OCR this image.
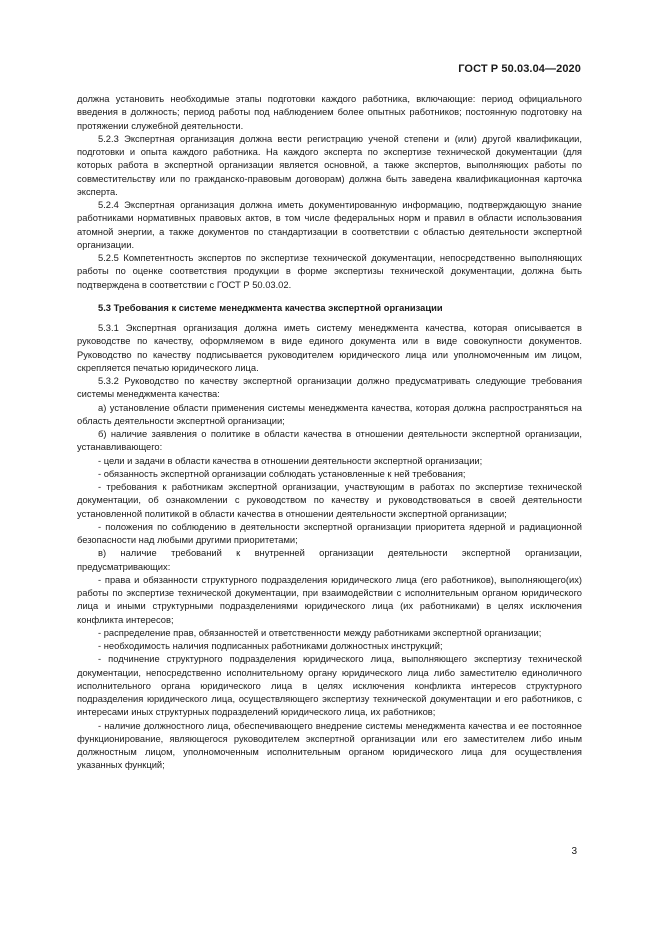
ГОСТ Р 50.03.04—2020

должна установить необходимые этапы подготовки каждого работника, включающие: период официального введения в должность; период работы под наблюдением более опытных работников; постоянную подготовку на протяжении служебной деятельности.

5.2.3 Экспертная организация должна вести регистрацию ученой степени и (или) другой квалификации, подготовки и опыта каждого работника. На каждого эксперта по экспертизе технической документации (для которых работа в экспертной организации является основной, а также экспертов, выполняющих работы по совместительству или по гражданско-правовым договорам) должна быть заведена квалификационная карточка эксперта.

5.2.4 Экспертная организация должна иметь документированную информацию, подтверждающую знание работниками нормативных правовых актов, в том числе федеральных норм и правил в области использования атомной энергии, а также документов по стандартизации в соответствии с областью деятельности экспертной организации.

5.2.5 Компетентность экспертов по экспертизе технической документации, непосредственно выполняющих работы по оценке соответствия продукции в форме экспертизы технической документации, должна быть подтверждена в соответствии с ГОСТ Р 50.03.02.

5.3 Требования к системе менеджмента качества экспертной организации

5.3.1 Экспертная организация должна иметь систему менеджмента качества, которая описывается в руководстве по качеству, оформляемом в виде единого документа или в виде совокупности документов. Руководство по качеству подписывается руководителем юридического лица или уполномоченным им лицом, скрепляется печатью юридического лица.

5.3.2 Руководство по качеству экспертной организации должно предусматривать следующие требования системы менеджмента качества:

а) установление области применения системы менеджмента качества, которая должна распространяться на область деятельности экспертной организации;

б) наличие заявления о политике в области качества в отношении деятельности экспертной организации, устанавливающего:

- цели и задачи в области качества в отношении деятельности экспертной организации;

- обязанность экспертной организации соблюдать установленные к ней требования;

- требования к работникам экспертной организации, участвующим в работах по экспертизе технической документации, об ознакомлении с руководством по качеству и руководствоваться в своей деятельности установленной политикой в области качества в отношении деятельности экспертной организации;

- положения по соблюдению в деятельности экспертной организации приоритета ядерной и радиационной безопасности над любыми другими приоритетами;

в) наличие требований к внутренней организации деятельности экспертной организации, предусматривающих:

- права и обязанности структурного подразделения юридического лица (его работников), выполняющего(их) работы по экспертизе технической документации, при взаимодействии с исполнительным органом юридического лица и иными структурными подразделениями юридического лица (их работниками) в целях исключения конфликта интересов;

- распределение прав, обязанностей и ответственности между работниками экспертной организации;

- необходимость наличия подписанных работниками должностных инструкций;

- подчинение структурного подразделения юридического лица, выполняющего экспертизу технической документации, непосредственно исполнительному органу юридического лица либо заместителю единоличного исполнительного органа юридического лица в целях исключения конфликта интересов структурного подразделения юридического лица, осуществляющего экспертизу технической документации и его работников, с интересами иных структурных подразделений юридического лица, их работников;

- наличие должностного лица, обеспечивающего внедрение системы менеджмента качества и ее постоянное функционирование, являющегося руководителем экспертной организации или его заместителем либо иным должностным лицом, уполномоченным исполнительным органом юридического лица для осуществления указанных функций;

3
